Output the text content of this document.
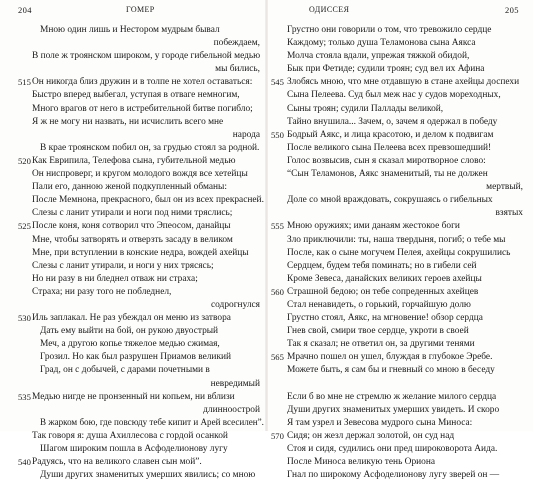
204	ГОМЕР
Мною один лишь и Нестором мудрым бывал
побеждаем,
В поле ж троянском широком, у городе гибельной медью
мы бились,
515 Он никогда близ дружин и в толпе не хотел оставаться:
Быстро вперед выбегал, уступая в отваге немногим,
Много врагов от него в истребительной битве погибло;
Я ж не могу ни назвать, ни исчислить всего мне
народа
В крае троянском побил он, за грудью стоял за родной.
520 Как Еврипила, Телефова сына, губительной медью
Он ниспроверг, и кругом молодого вождя все хетейцы
Пали его, данною женой подкупленный обманы:
После Мемнона, прекрасного, был он из всех прекрасней.
Слезы с ланит утирали и ноги под ними тряслись;
525 После коня, коня сотворил что Эпеосом, данайцы
Мне, чтобы затворять и отверзть засаду в великом
Mнe, при вступлении в конские недра, вождей ахейцы
Слезы с ланит утирали, и ноги у них трясясь;
Но ни разу в ни бледнел отваж ни страха;
Страха; ни разу того не побледнел,
содрогнулся
530 Иль заплакал. Не раз убеждал он меню из затвора
Дать ему выйти на бой, он рукою двуострый
Меч, а другою копье тяжелое медью сжимая,
Грозил. Но как был разрушен Приамов великий
Град, он с добычей, с дарами почетными в
невредимый
535 Медью нигде не пронзенный ни копьем, ни вблизи
длинноострой
В жарком бою, где повсюду тебе кипит и Арей всесилен”.
Так говоря я: душа Ахиллесова с гордой осанкой
Шагом широким пошла в Асфоделионову лугу
540 Радуясь, что на великого славен сын мой”.
Души других знаменитых умерших явились; со мною
ОДИССЕЯ	205
Грустно они говорили о том, что тревожило сердце
Каждому; только душа Теламонова сына Аякса
Молча стояла вдали, упрежая тяжкой обидой,
Бык при Фетиде; судили троян; суд вел их Афина
545 Злобясь мною, что мне отдавшую в стане ахейцы доспехи
Сына Пелеева. Суд был меж нас у судов мореходных,
Сыны троян; судили Паллады великой,
Тайно внушила... Зачем, о, зачем я одержал в победу
550 Бодрый Аякс, и лица красотою, и делом к подвигам
После великого сына Пелеева всех превзошедший!
Голос возвысив, сын я сказал миротворное слово:
“Сын Теламонов, Аякс знаменитый, ты не должен
мертвый,
Доле со мной враждовать, сокрушаясь о гибельных
взятых
555 Мною оружиях; ими данаям жестокое боги
Зло приключили: ты, наша твердыня, погиб; о тебе мы
После, как о сыне могучем Пелея, ахейцы сокрушились
Сердцем, будем тебя поминать; но в гибели сей
Кроме Зевеса, данайских великих героев ахейцы
560 Страшной бедою; он тебе сопреденных ахейцев
Стал ненавидеть, о горький, горчайшую долю
Грустно стоял, Аякс, на мгновение! обзор сердца
Гнев свой, смири твое сердце, укроти в своей
Так я сказал; не ответил он, за другими тенями
565 Мрачно пошел он ушел, блуждая в глубокое Эребе.
Можете быть, я сам бы и гневный со мною в беседу
Если б во мне не стремлю ж желание милого сердца
Души других знаменитых умерших увидеть. И скоро
Я там узрел и Зевесова мудрого сына Миноса:
570 Сидя; он жезл держал золотой, он суд над
Стоя и сидя, судились они пред широковорота Аида.
После Миноса великую тень Ориона
Гнал по широкому Асфоделионову лугу зверей он —
